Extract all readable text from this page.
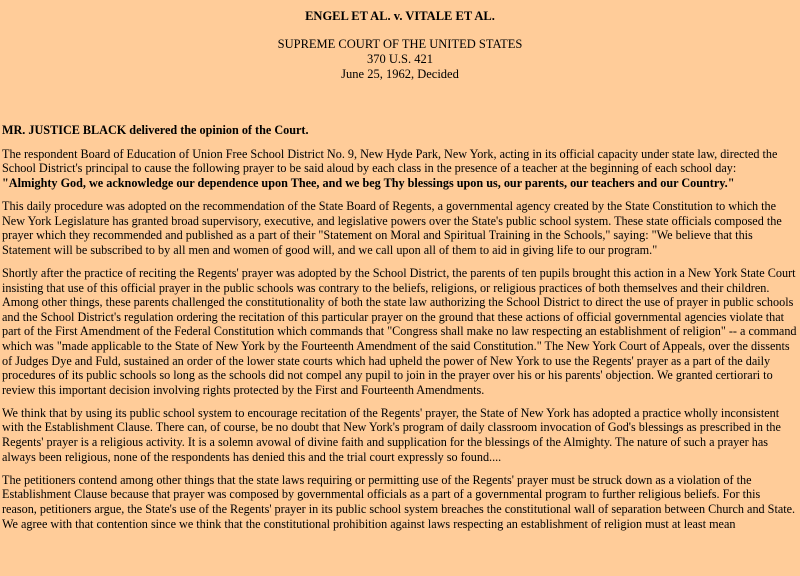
ENGEL ET AL. v. VITALE ET AL.
SUPREME COURT OF THE UNITED STATES
370 U.S. 421
June 25, 1962, Decided

MR. JUSTICE BLACK delivered the opinion of the Court.

The respondent Board of Education of Union Free School District No. 9, New Hyde Park, New York, acting in its official capacity under state law, directed the School District's principal to cause the following prayer to be said aloud by each class in the presence of a teacher at the beginning of each school day:
"Almighty God, we acknowledge our dependence upon Thee, and we beg Thy blessings upon us, our parents, our teachers and our Country."

This daily procedure was adopted on the recommendation of the State Board of Regents, a governmental agency created by the State Constitution to which the New York Legislature has granted broad supervisory, executive, and legislative powers over the State's public school system. These state officials composed the prayer which they recommended and published as a part of their "Statement on Moral and Spiritual Training in the Schools," saying: "We believe that this Statement will be subscribed to by all men and women of good will, and we call upon all of them to aid in giving life to our program."

Shortly after the practice of reciting the Regents' prayer was adopted by the School District, the parents of ten pupils brought this action in a New York State Court insisting that use of this official prayer in the public schools was contrary to the beliefs, religions, or religious practices of both themselves and their children. Among other things, these parents challenged the constitutionality of both the state law authorizing the School District to direct the use of prayer in public schools and the School District's regulation ordering the recitation of this particular prayer on the ground that these actions of official governmental agencies violate that part of the First Amendment of the Federal Constitution which commands that "Congress shall make no law respecting an establishment of religion" -- a command which was "made applicable to the State of New York by the Fourteenth Amendment of the said Constitution." The New York Court of Appeals, over the dissents of Judges Dye and Fuld, sustained an order of the lower state courts which had upheld the power of New York to use the Regents' prayer as a part of the daily procedures of its public schools so long as the schools did not compel any pupil to join in the prayer over his or his parents' objection. We granted certiorari to review this important decision involving rights protected by the First and Fourteenth Amendments.

We think that by using its public school system to encourage recitation of the Regents' prayer, the State of New York has adopted a practice wholly inconsistent with the Establishment Clause. There can, of course, be no doubt that New York's program of daily classroom invocation of God's blessings as prescribed in the Regents' prayer is a religious activity. It is a solemn avowal of divine faith and supplication for the blessings of the Almighty. The nature of such a prayer has always been religious, none of the respondents has denied this and the trial court expressly so found....

The petitioners contend among other things that the state laws requiring or permitting use of the Regents' prayer must be struck down as a violation of the Establishment Clause because that prayer was composed by governmental officials as a part of a governmental program to further religious beliefs. For this reason, petitioners argue, the State's use of the Regents' prayer in its public school system breaches the constitutional wall of separation between Church and State. We agree with that contention since we think that the constitutional prohibition against laws respecting an establishment of religion must at least mean
